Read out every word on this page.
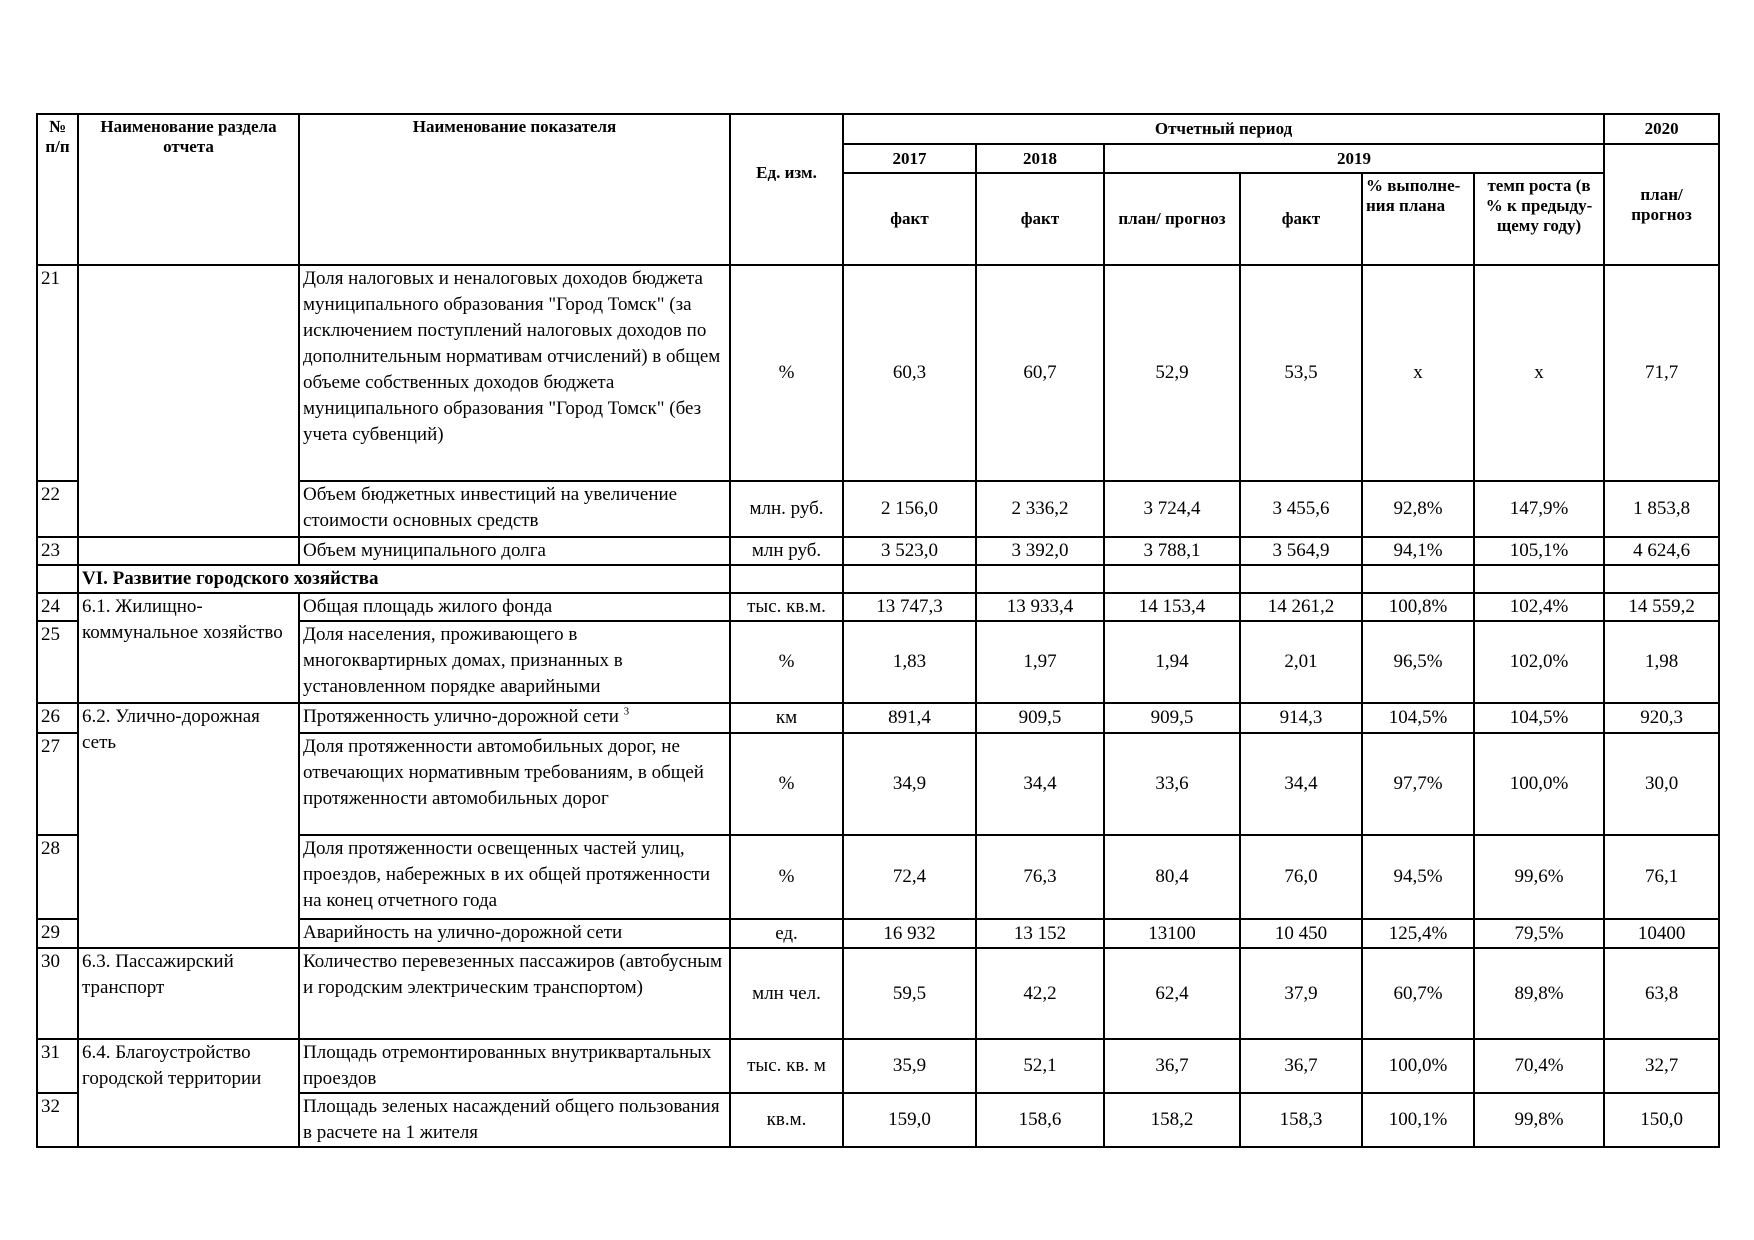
№ п/п	Наименование раздела отчета	Наименование показателя	Ед. изм.	Отчетный период						2020
				2017	2018	2019				план/ прогноз
				факт	факт	план/ прогноз	факт	% выполне-ния плана	темп роста (в % к предыду-щему году)	
21		Доля налоговых и неналоговых доходов бюджета муниципального образования "Город Томск" (за исключением поступлений налоговых доходов по дополнительным нормативам отчислений) в общем объеме собственных доходов бюджета муниципального образования "Город Томск" (без учета субвенций)	%	60,3	60,7	52,9	53,5	х	х	71,7
22		Объем бюджетных инвестиций на увеличение стоимости основных средств	млн. руб.	2 156,0	2 336,2	3 724,4	3 455,6	92,8%	147,9%	1 853,8
23		Объем муниципального долга	млн руб.	3 523,0	3 392,0	3 788,1	3 564,9	94,1%	105,1%	4 624,6
	VI. Развитие городского хозяйства									
24	6.1. Жилищно-коммунальное хозяйство	Общая площадь жилого фонда	тыс. кв.м.	13 747,3	13 933,4	14 153,4	14 261,2	100,8%	102,4%	14 559,2
25		Доля населения, проживающего в многоквартирных домах, признанных в установленном порядке аварийными	%	1,83	1,97	1,94	2,01	96,5%	102,0%	1,98
26	6.2. Улично-дорожная сеть	Протяженность улично-дорожной сети $^3$	км	891,4	909,5	909,5	914,3	104,5%	104,5%	920,3
27		Доля протяженности автомобильных дорог, не отвечающих нормативным требованиям, в общей протяженности автомобильных дорог	%	34,9	34,4	33,6	34,4	97,7%	100,0%	30,0
28		Доля протяженности освещенных частей улиц, проездов, набережных в их общей протяженности на конец отчетного года	%	72,4	76,3	80,4	76,0	94,5%	99,6%	76,1
29		Аварийность на улично-дорожной сети	ед.	16 932	13 152	13100	10 450	125,4%	79,5%	10400
30	6.3. Пассажирский транспорт	Количество перевезенных пассажиров (автобусным и городским электрическим транспортом)	млн чел.	59,5	42,2	62,4	37,9	60,7%	89,8%	63,8
31	6.4. Благоустройство городской территории	Площадь отремонтированных внутриквартальных проездов	тыс. кв. м	35,9	52,1	36,7	36,7	100,0%	70,4%	32,7
32		Площадь зеленых насаждений общего пользования в расчете на 1 жителя	кв.м.	159,0	158,6	158,2	158,3	100,1%	99,8%	150,0
